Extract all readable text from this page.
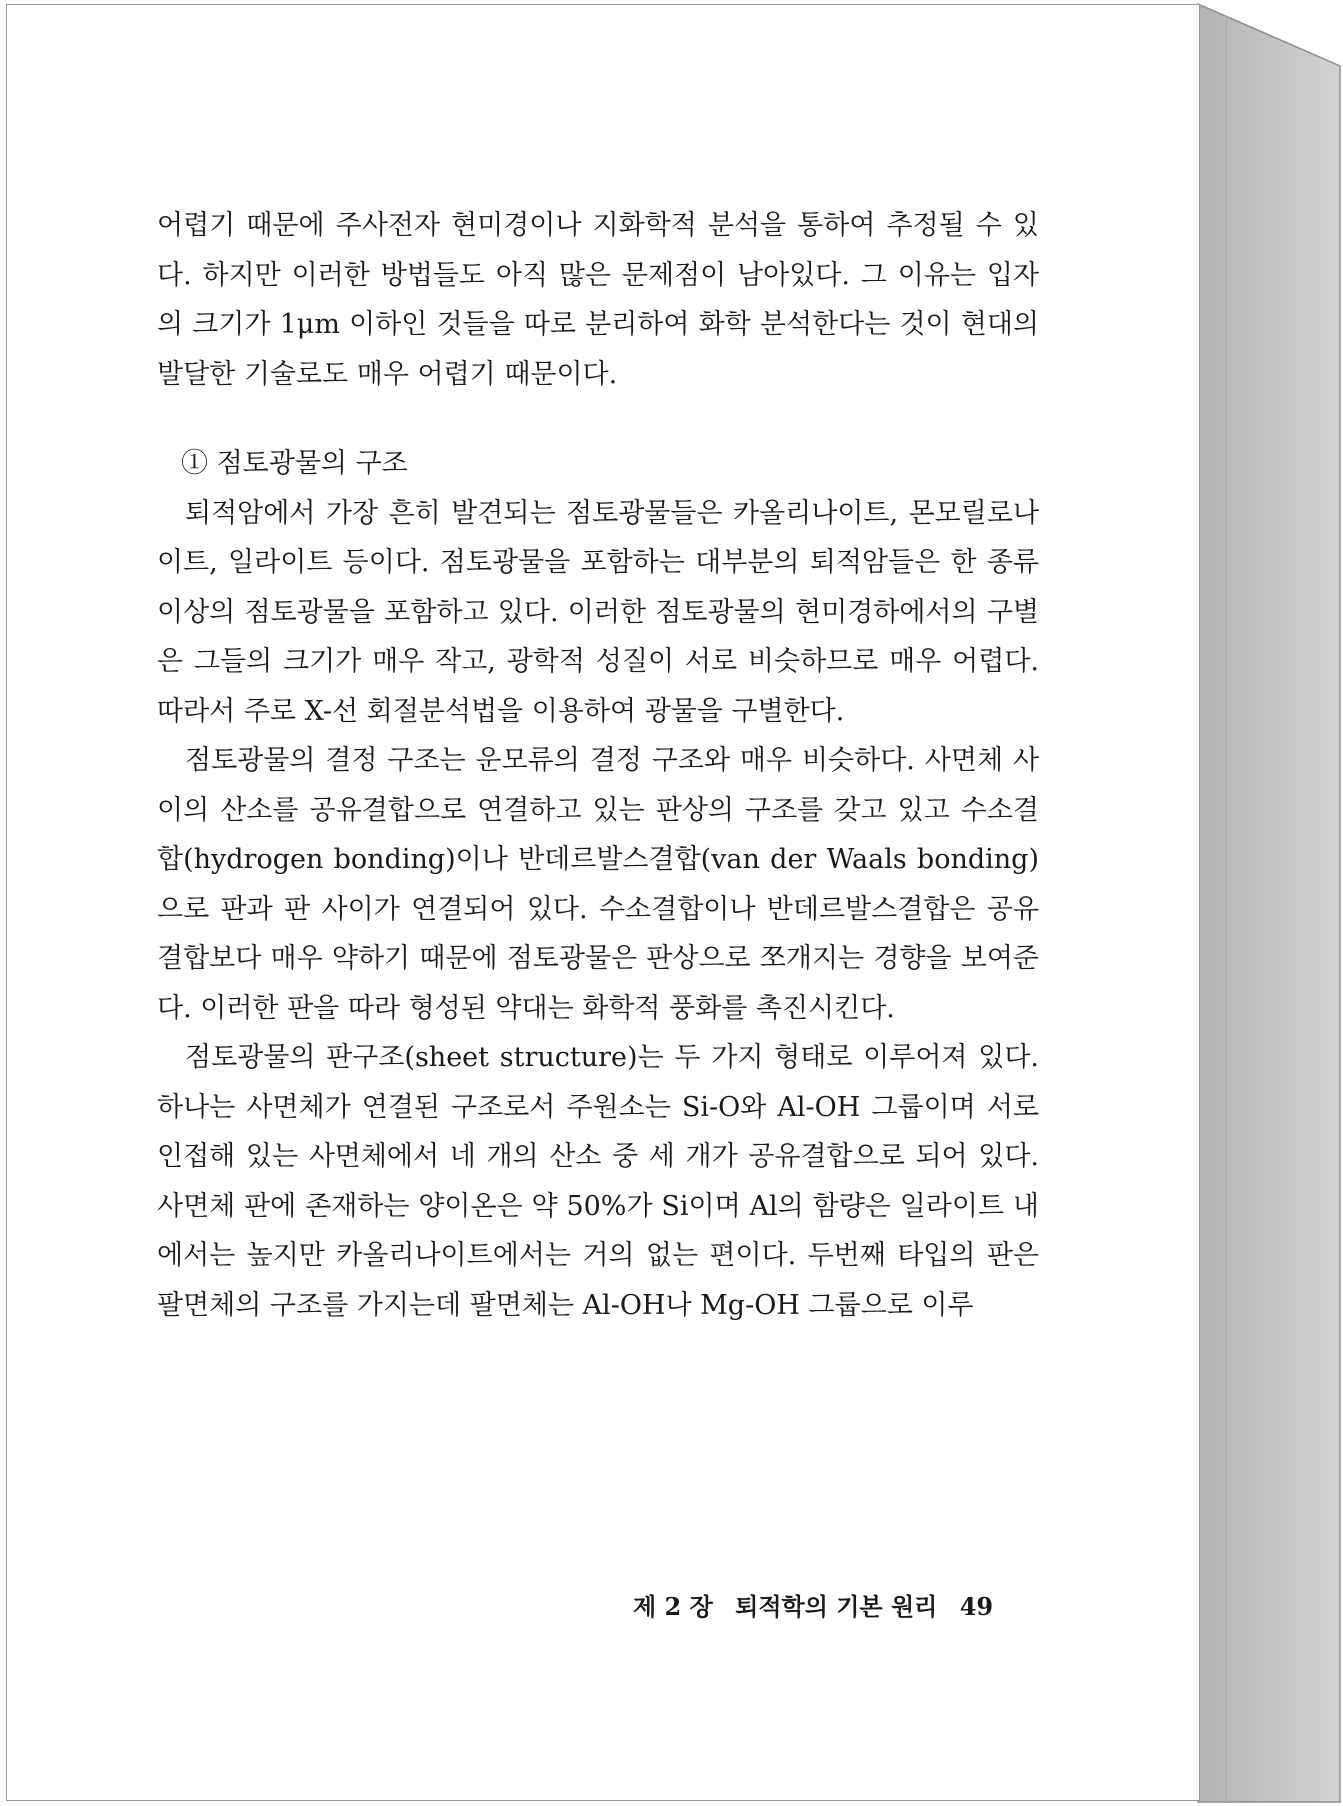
어렵기 때문에 주사전자 현미경이나 지화학적 분석을 통하여 추정될 수 있다. 하지만 이러한 방법들도 아직 많은 문제점이 남아있다. 그 이유는 입자의 크기가 1μm 이하인 것들을 따로 분리하여 화학 분석한다는 것이 현대의 발달한 기술로도 매우 어렵기 때문이다.

① 점토광물의 구조

퇴적암에서 가장 흔히 발견되는 점토광물들은 카올리나이트, 몬모릴로나이트, 일라이트 등이다. 점토광물을 포함하는 대부분의 퇴적암들은 한 종류 이상의 점토광물을 포함하고 있다. 이러한 점토광물의 현미경하에서의 구별은 그들의 크기가 매우 작고, 광학적 성질이 서로 비슷하므로 매우 어렵다. 따라서 주로 X-선 회절분석법을 이용하여 광물을 구별한다.

점토광물의 결정 구조는 운모류의 결정 구조와 매우 비슷하다. 사면체 사이의 산소를 공유결합으로 연결하고 있는 판상의 구조를 갖고 있고 수소결합(hydrogen bonding)이나 반데르발스결합(van der Waals bonding)으로 판과 판 사이가 연결되어 있다. 수소결합이나 반데르발스결합은 공유결합보다 매우 약하기 때문에 점토광물은 판상으로 쪼개지는 경향을 보여준다. 이러한 판을 따라 형성된 약대는 화학적 풍화를 촉진시킨다.

점토광물의 판구조(sheet structure)는 두 가지 형태로 이루어져 있다. 하나는 사면체가 연결된 구조로서 주원소는 Si-O와 Al-OH 그룹이며 서로 인접해 있는 사면체에서 네 개의 산소 중 세 개가 공유결합으로 되어 있다. 사면체 판에 존재하는 양이온은 약 50%가 Si이며 Al의 함량은 일라이트 내에서는 높지만 카올리나이트에서는 거의 없는 편이다. 두번째 타입의 판은 팔면체의 구조를 가지는데 팔면체는 Al-OH나 Mg-OH 그룹으로 이루

제 2 장 퇴적학의 기본 원리 49
